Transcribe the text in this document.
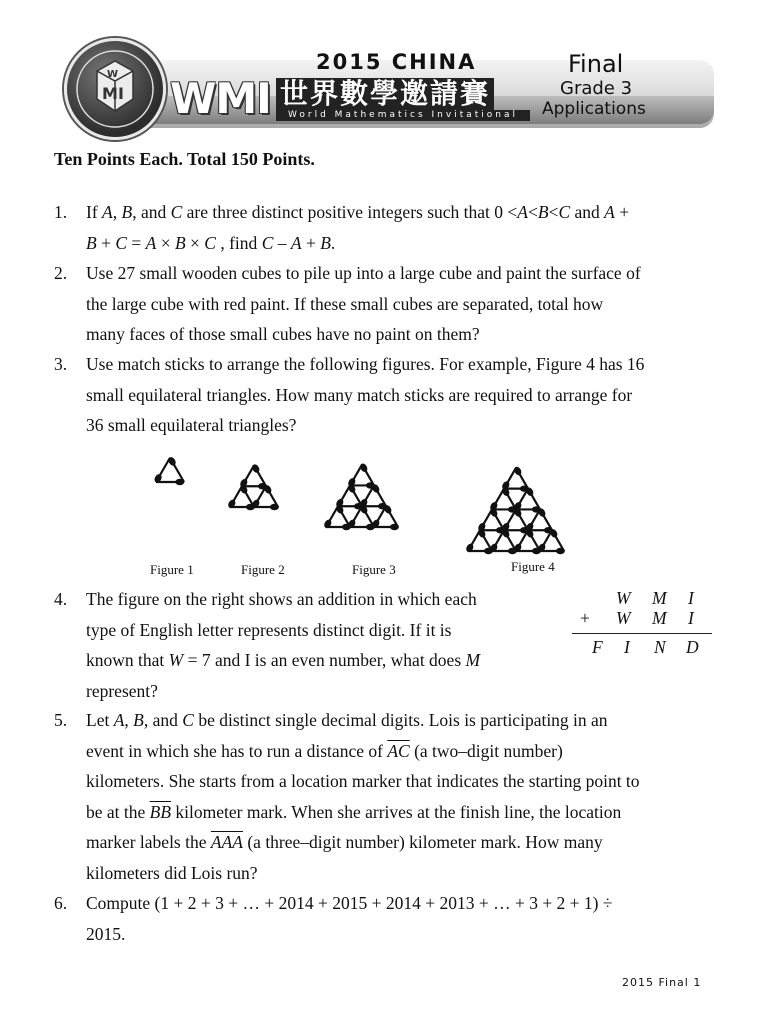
M I
W WMI 世界數學邀請賽
World Mathematics Invitational
2015 CHINA	Final
Grade 3
Applications
Ten Points Each. Total 150 Points.
1. If A, B, and C are three distinct positive integers such that 0 <A<B<C and A +
B + C = A × B × C , find C – A + B.
2. Use 27 small wooden cubes to pile up into a large cube and paint the surface of
the large cube with red paint. If these small cubes are separated, total how
many faces of those small cubes have no paint on them?
3. Use match sticks to arrange the following figures. For example, Figure 4 has 16
small equilateral triangles. How many match sticks are required to arrange for
36 small equilateral triangles?
Figure 1	Figure 2	Figure 3	Figure 4
4. The figure on the right shows an addition in which each
type of English letter represents distinct digit. If it is
known that W = 7 and I is an even number, what does M
represent?
W M I
+ W M I
F I N D
5. Let A, B, and C be distinct single decimal digits. Lois is participating in an
event in which she has to run a distance of $\overline{AC}$ (a two–digit number)
kilometers. She starts from a location marker that indicates the starting point to
be at the $\overline{BB}$ kilometer mark. When she arrives at the finish line, the location
marker labels the $\overline{AAA}$ (a three–digit number) kilometer mark. How many
kilometers did Lois run?
6. Compute (1 + 2 + 3 + … + 2014 + 2015 + 2014 + 2013 + … + 3 + 2 + 1) ÷
2015.
2015 Final 1
